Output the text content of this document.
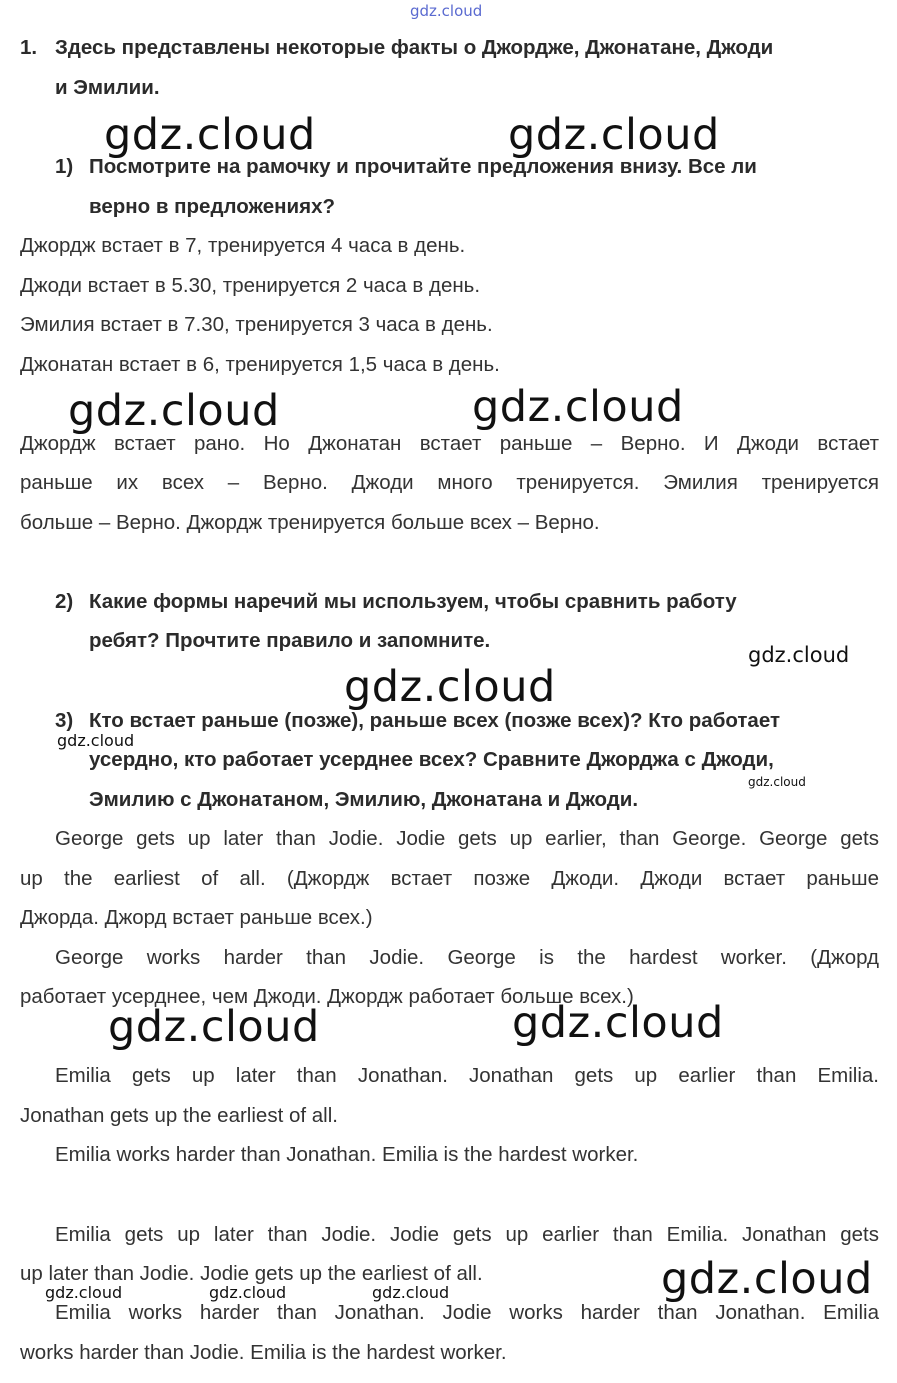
1. Здесь представлены некоторые факты о Джордже, Джонатане, Джоди
и Эмилии.
1) Посмотрите на рамочку и прочитайте предложения внизу. Все ли
верно в предложениях?
Джордж встает в 7, тренируется 4 часа в день.
Джоди встает в 5.30, тренируется 2 часа в день.
Эмилия встает в 7.30, тренируется 3 часа в день.
Джонатан встает в 6, тренируется 1,5 часа в день.
Джордж встает рано. Но Джонатан встает раньше – Верно. И Джоди встает
раньше их всех – Верно. Джоди много тренируется. Эмилия тренируется
больше – Верно. Джордж тренируется больше всех – Верно.
2) Какие формы наречий мы используем, чтобы сравнить работу
ребят? Прочтите правило и запомните.
3) Кто встает раньше (позже), раньше всех (позже всех)? Кто работает
усердно, кто работает усерднее всех? Сравните Джорджа с Джоди,
Эмилию с Джонатаном, Эмилию, Джонатана и Джоди.
George gets up later than Jodie. Jodie gets up earlier, than George. George gets
up the earliest of all. (Джордж встает позже Джоди. Джоди встает раньше
Джорда. Джорд встает раньше всех.)
George works harder than Jodie. George is the hardest worker. (Джорд
работает усерднее, чем Джоди. Джордж работает больше всех.)
Emilia gets up later than Jonathan. Jonathan gets up earlier than Emilia.
Jonathan gets up the earliest of all.
Emilia works harder than Jonathan. Emilia is the hardest worker.
Emilia gets up later than Jodie. Jodie gets up earlier than Emilia. Jonathan gets
up later than Jodie. Jodie gets up the earliest of all.
Emilia works harder than Jonathan. Jodie works harder than Jonathan. Emilia
works harder than Jodie. Emilia is the hardest worker.
gdz.cloud
gdz.cloud	gdz.cloud
gdz.cloud	gdz.cloud
gdz.cloud
gdz.cloud
gdz.cloud
gdz.cloud
gdz.cloud	gdz.cloud
gdz.cloud
gdz.cloud	gdz.cloud	gdz.cloud
